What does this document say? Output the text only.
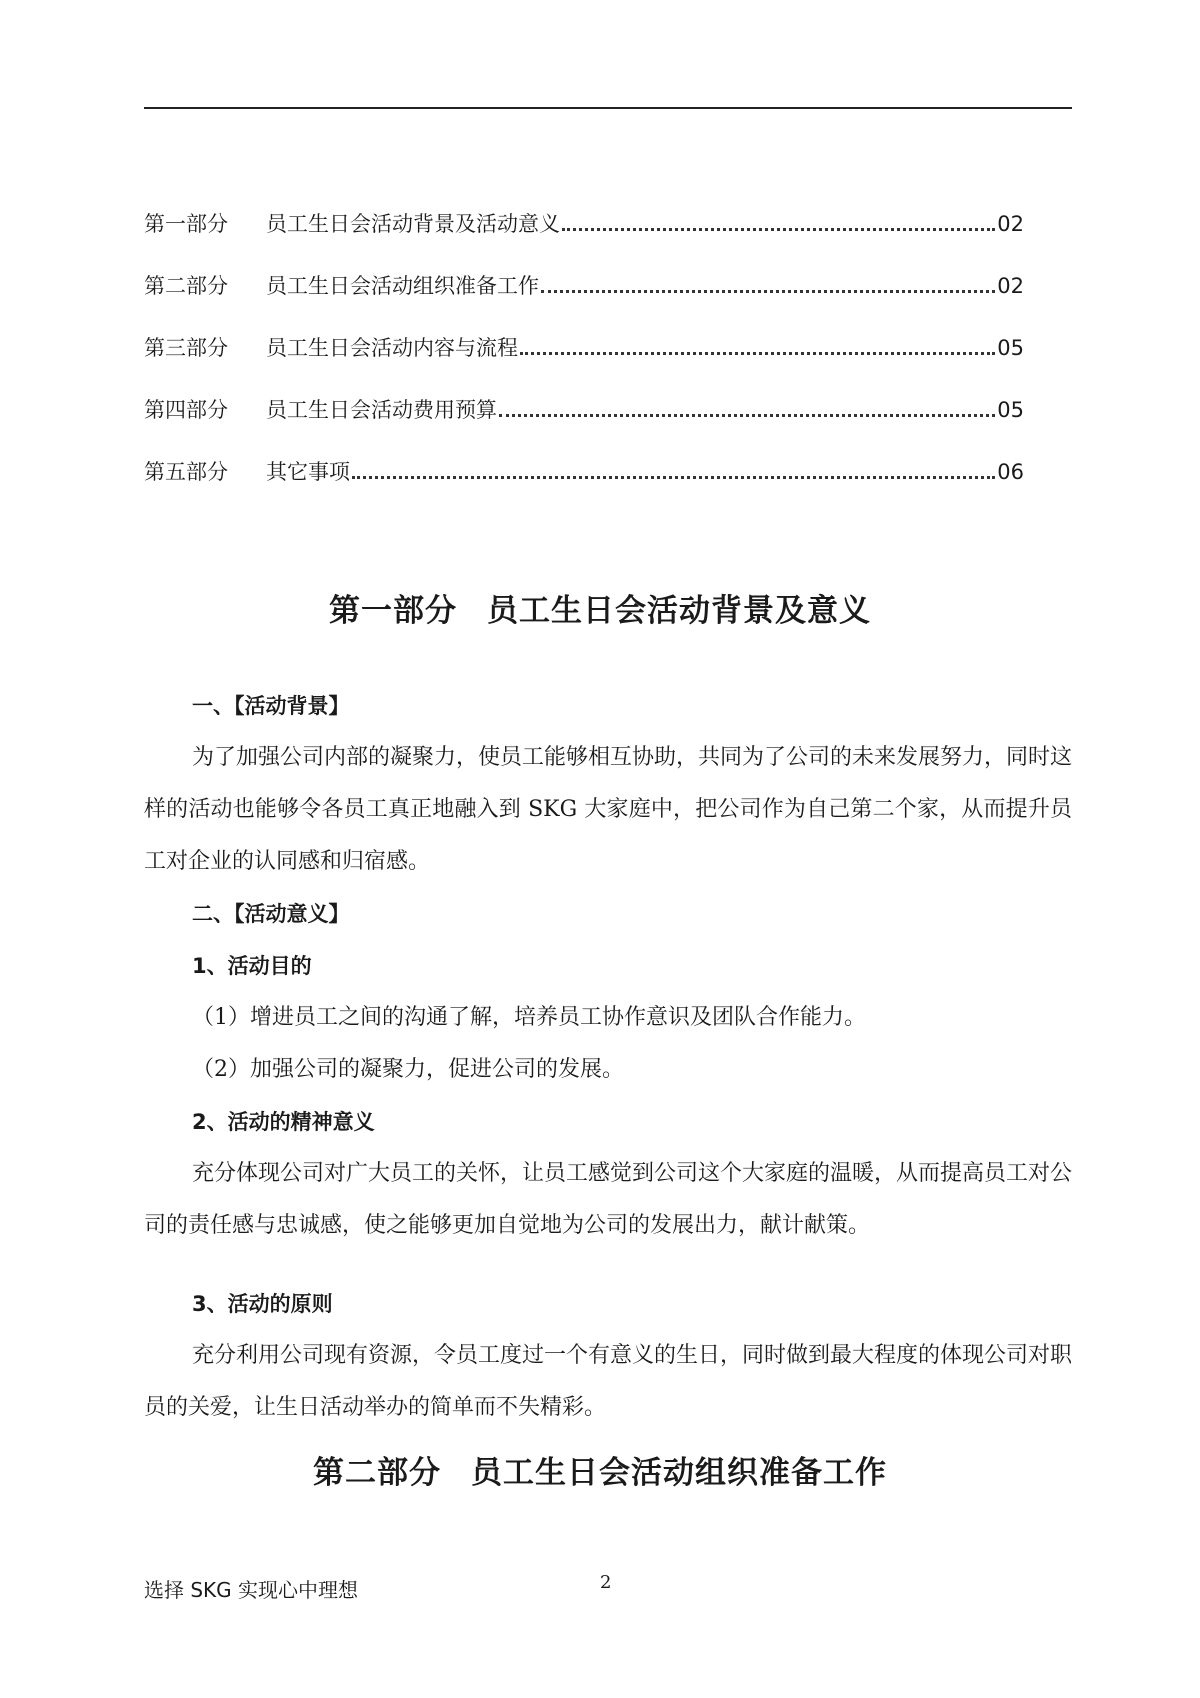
第一部分	员工生日会活动背景及活动意义	02
第二部分	员工生日会活动组织准备工作	02
第三部分	员工生日会活动内容与流程	05
第四部分	员工生日会活动费用预算	05
第五部分	其它事项	06
第一部分 员工生日会活动背景及意义
一、【活动背景】
为了加强公司内部的凝聚力，使员工能够相互协助，共同为了公司的未来发展努力，同时这样的活动也能够令各员工真正地融入到 SKG 大家庭中，把公司作为自己第二个家，从而提升员工对企业的认同感和归宿感。
二、【活动意义】
1、活动目的
（1）增进员工之间的沟通了解，培养员工协作意识及团队合作能力。
（2）加强公司的凝聚力，促进公司的发展。
2、活动的精神意义
充分体现公司对广大员工的关怀，让员工感觉到公司这个大家庭的温暖，从而提高员工对公司的责任感与忠诚感，使之能够更加自觉地为公司的发展出力，献计献策。
3、活动的原则
充分利用公司现有资源，令员工度过一个有意义的生日，同时做到最大程度的体现公司对职员的关爱，让生日活动举办的简单而不失精彩。
第二部分 员工生日会活动组织准备工作
选择 SKG 实现心中理想	2
